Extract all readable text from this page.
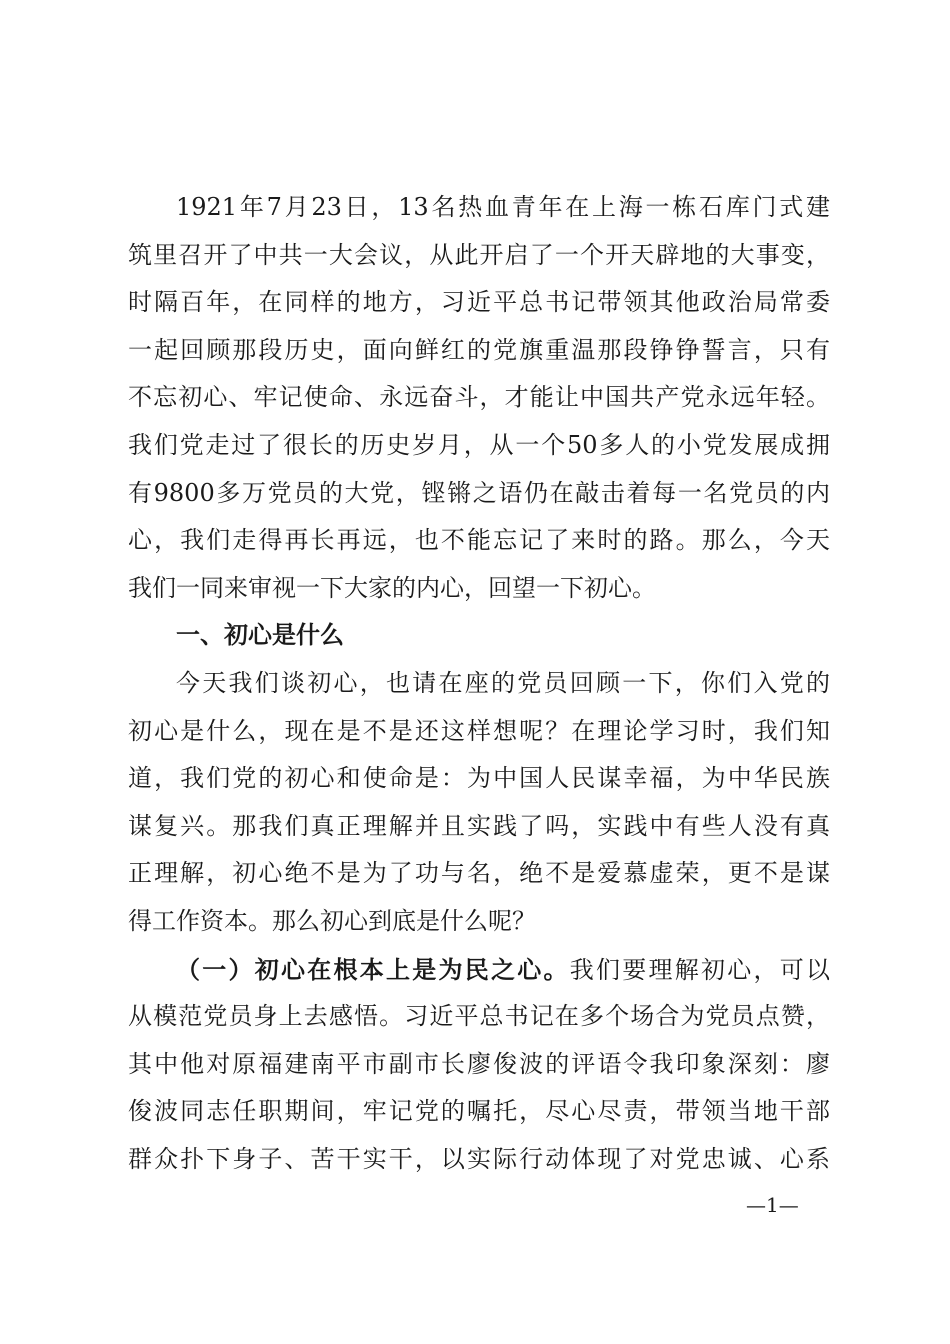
1921年7月23日，13名热血青年在上海一栋石库门式建
筑里召开了中共一大会议，从此开启了一个开天辟地的大事变，
时隔百年，在同样的地方，习近平总书记带领其他政治局常委
一起回顾那段历史，面向鲜红的党旗重温那段铮铮誓言，只有
不忘初心、牢记使命、永远奋斗，才能让中国共产党永远年轻。
我们党走过了很长的历史岁月，从一个50多人的小党发展成拥
有9800多万党员的大党，铿锵之语仍在敲击着每一名党员的内
心，我们走得再长再远，也不能忘记了来时的路。那么，今天
我们一同来审视一下大家的内心，回望一下初心。
一、初心是什么
今天我们谈初心，也请在座的党员回顾一下，你们入党的
初心是什么，现在是不是还这样想呢？在理论学习时，我们知
道，我们党的初心和使命是：为中国人民谋幸福，为中华民族
谋复兴。那我们真正理解并且实践了吗，实践中有些人没有真
正理解，初心绝不是为了功与名，绝不是爱慕虚荣，更不是谋
得工作资本。那么初心到底是什么呢？
（一）初心在根本上是为民之心。我们要理解初心，可以
从模范党员身上去感悟。习近平总书记在多个场合为党员点赞，
其中他对原福建南平市副市长廖俊波的评语令我印象深刻：廖
俊波同志任职期间，牢记党的嘱托，尽心尽责，带领当地干部
群众扑下身子、苦干实干，以实际行动体现了对党忠诚、心系
—1—
